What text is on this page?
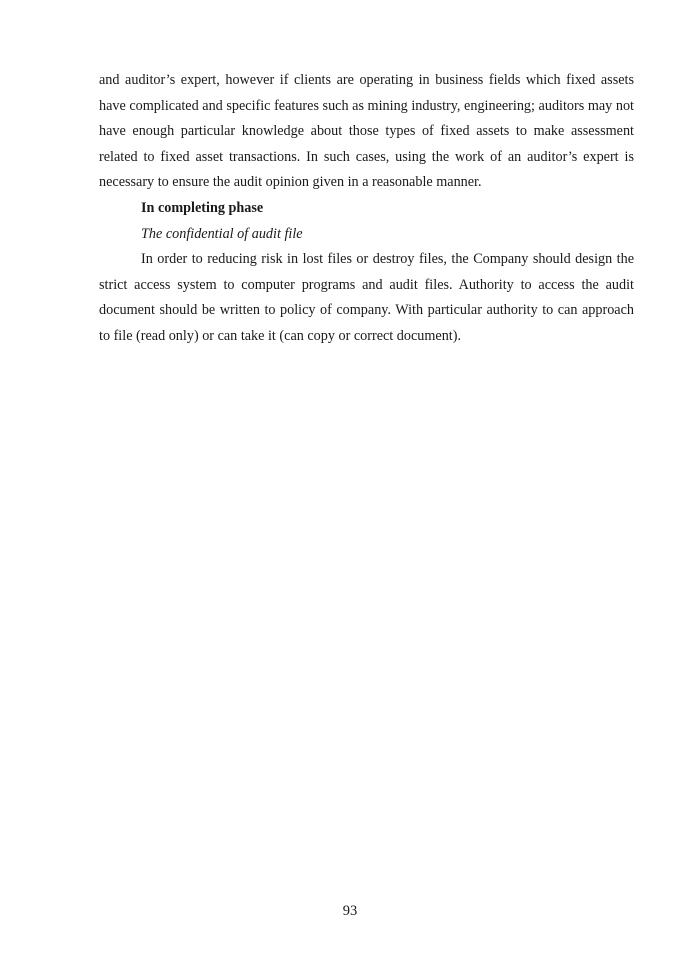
and auditor’s expert, however if clients are operating in business fields which fixed assets have complicated and specific features such as mining industry, engineering; auditors may not have enough particular knowledge about those types of fixed assets to make assessment related to fixed asset transactions. In such cases, using the work of an auditor’s expert is necessary to ensure the audit opinion given in a reasonable manner.

In completing phase

The confidential of audit file

In order to reducing risk in lost files or destroy files, the Company should design the strict access system to computer programs and audit files. Authority to access the audit document should be written to policy of company. With particular authority to can approach to file (read only) or can take it (can copy or correct document).

93
